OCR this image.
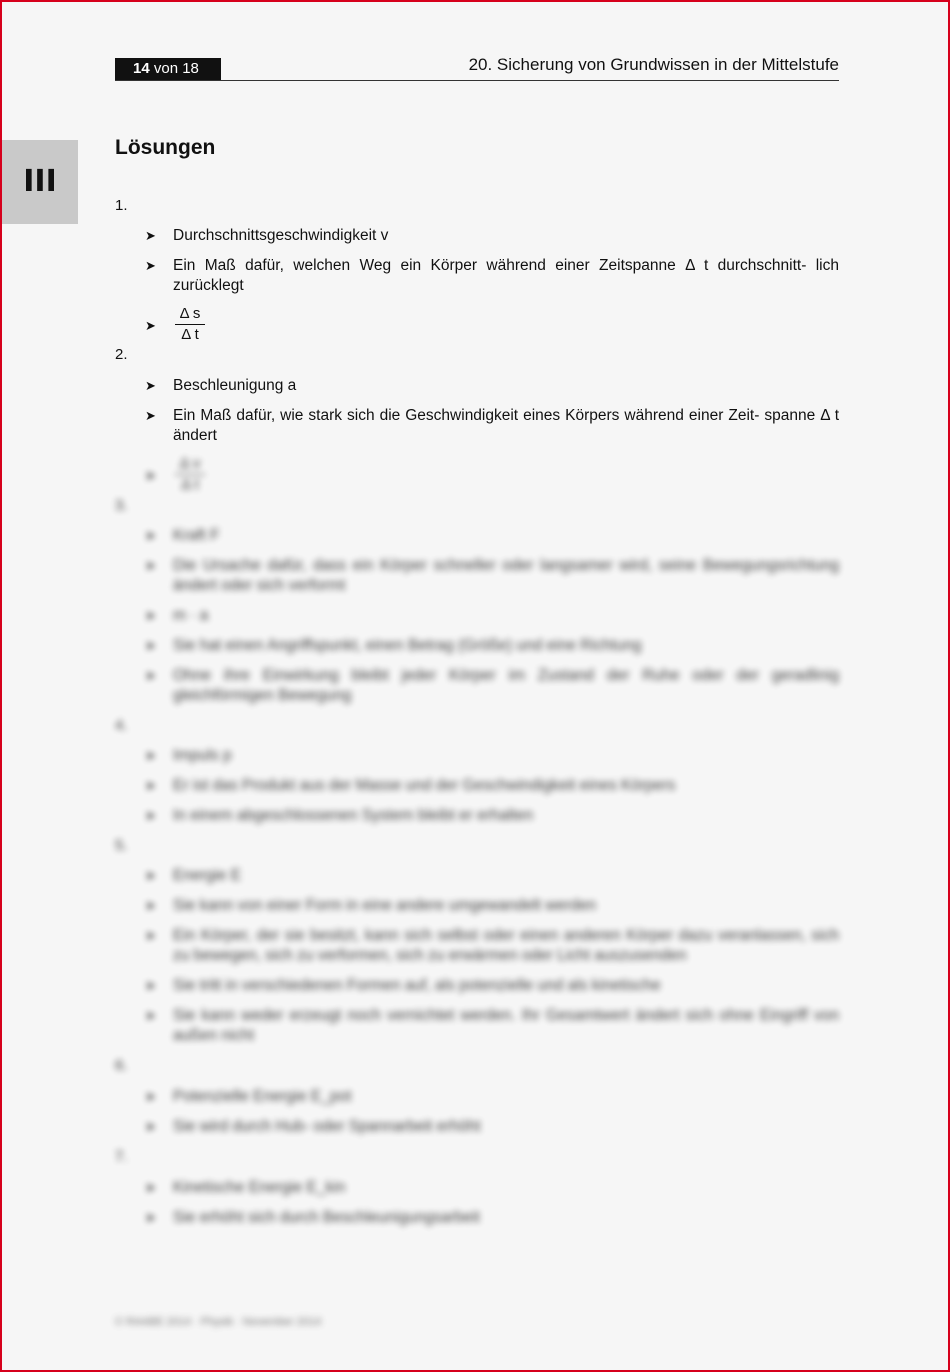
14 von 18	20. Sicherung von Grundwissen in der Mittelstufe
III
Lösungen
1.
➤	Durchschnittsgeschwindigkeit v
➤	Ein Maß dafür, welchen Weg ein Körper während einer Zeitspanne Δ t durchschnitt- lich zurücklegt
➤	$\frac{\text{Δ s}}{\text{Δ t}}$
2.
➤	Beschleunigung a
➤	Ein Maß dafür, wie stark sich die Geschwindigkeit eines Körpers während einer Zeit- spanne Δ t ändert
➤	$\frac{\text{Δ v}}{\text{Δ t}}$
3.
➤	Kraft F
➤	Die Ursache dafür, dass ein Körper schneller oder langsamer wird, seine Bewegungsrichtung ändert oder sich verformt
➤	m · a
➤	Sie hat einen Angriffspunkt, einen Betrag (Größe) und eine Richtung
➤	Ohne ihre Einwirkung bleibt jeder Körper im Zustand der Ruhe oder der geradlinig gleichförmigen Bewegung
4.
➤	Impuls p
➤	Er ist das Produkt aus der Masse und der Geschwindigkeit eines Körpers
➤	In einem abgeschlossenen System bleibt er erhalten
5.
➤	Energie E
➤	Sie kann von einer Form in eine andere umgewandelt werden
➤	Ein Körper, der sie besitzt, kann sich selbst oder einen anderen Körper dazu veranlassen, sich zu bewegen, sich zu verformen, sich zu erwärmen oder Licht auszusenden
➤	Sie tritt in verschiedenen Formen auf, als potenzielle und als kinetische
➤	Sie kann weder erzeugt noch vernichtet werden. Ihr Gesamtwert ändert sich ohne Eingriff von außen nicht
6.
➤	Potenzielle Energie E_pot
➤	Sie wird durch Hub- oder Spannarbeit erhöht
7.
➤	Kinetische Energie E_kin
➤	Sie erhöht sich durch Beschleunigungsarbeit
© RAABE 2014 · Physik · November 2014
